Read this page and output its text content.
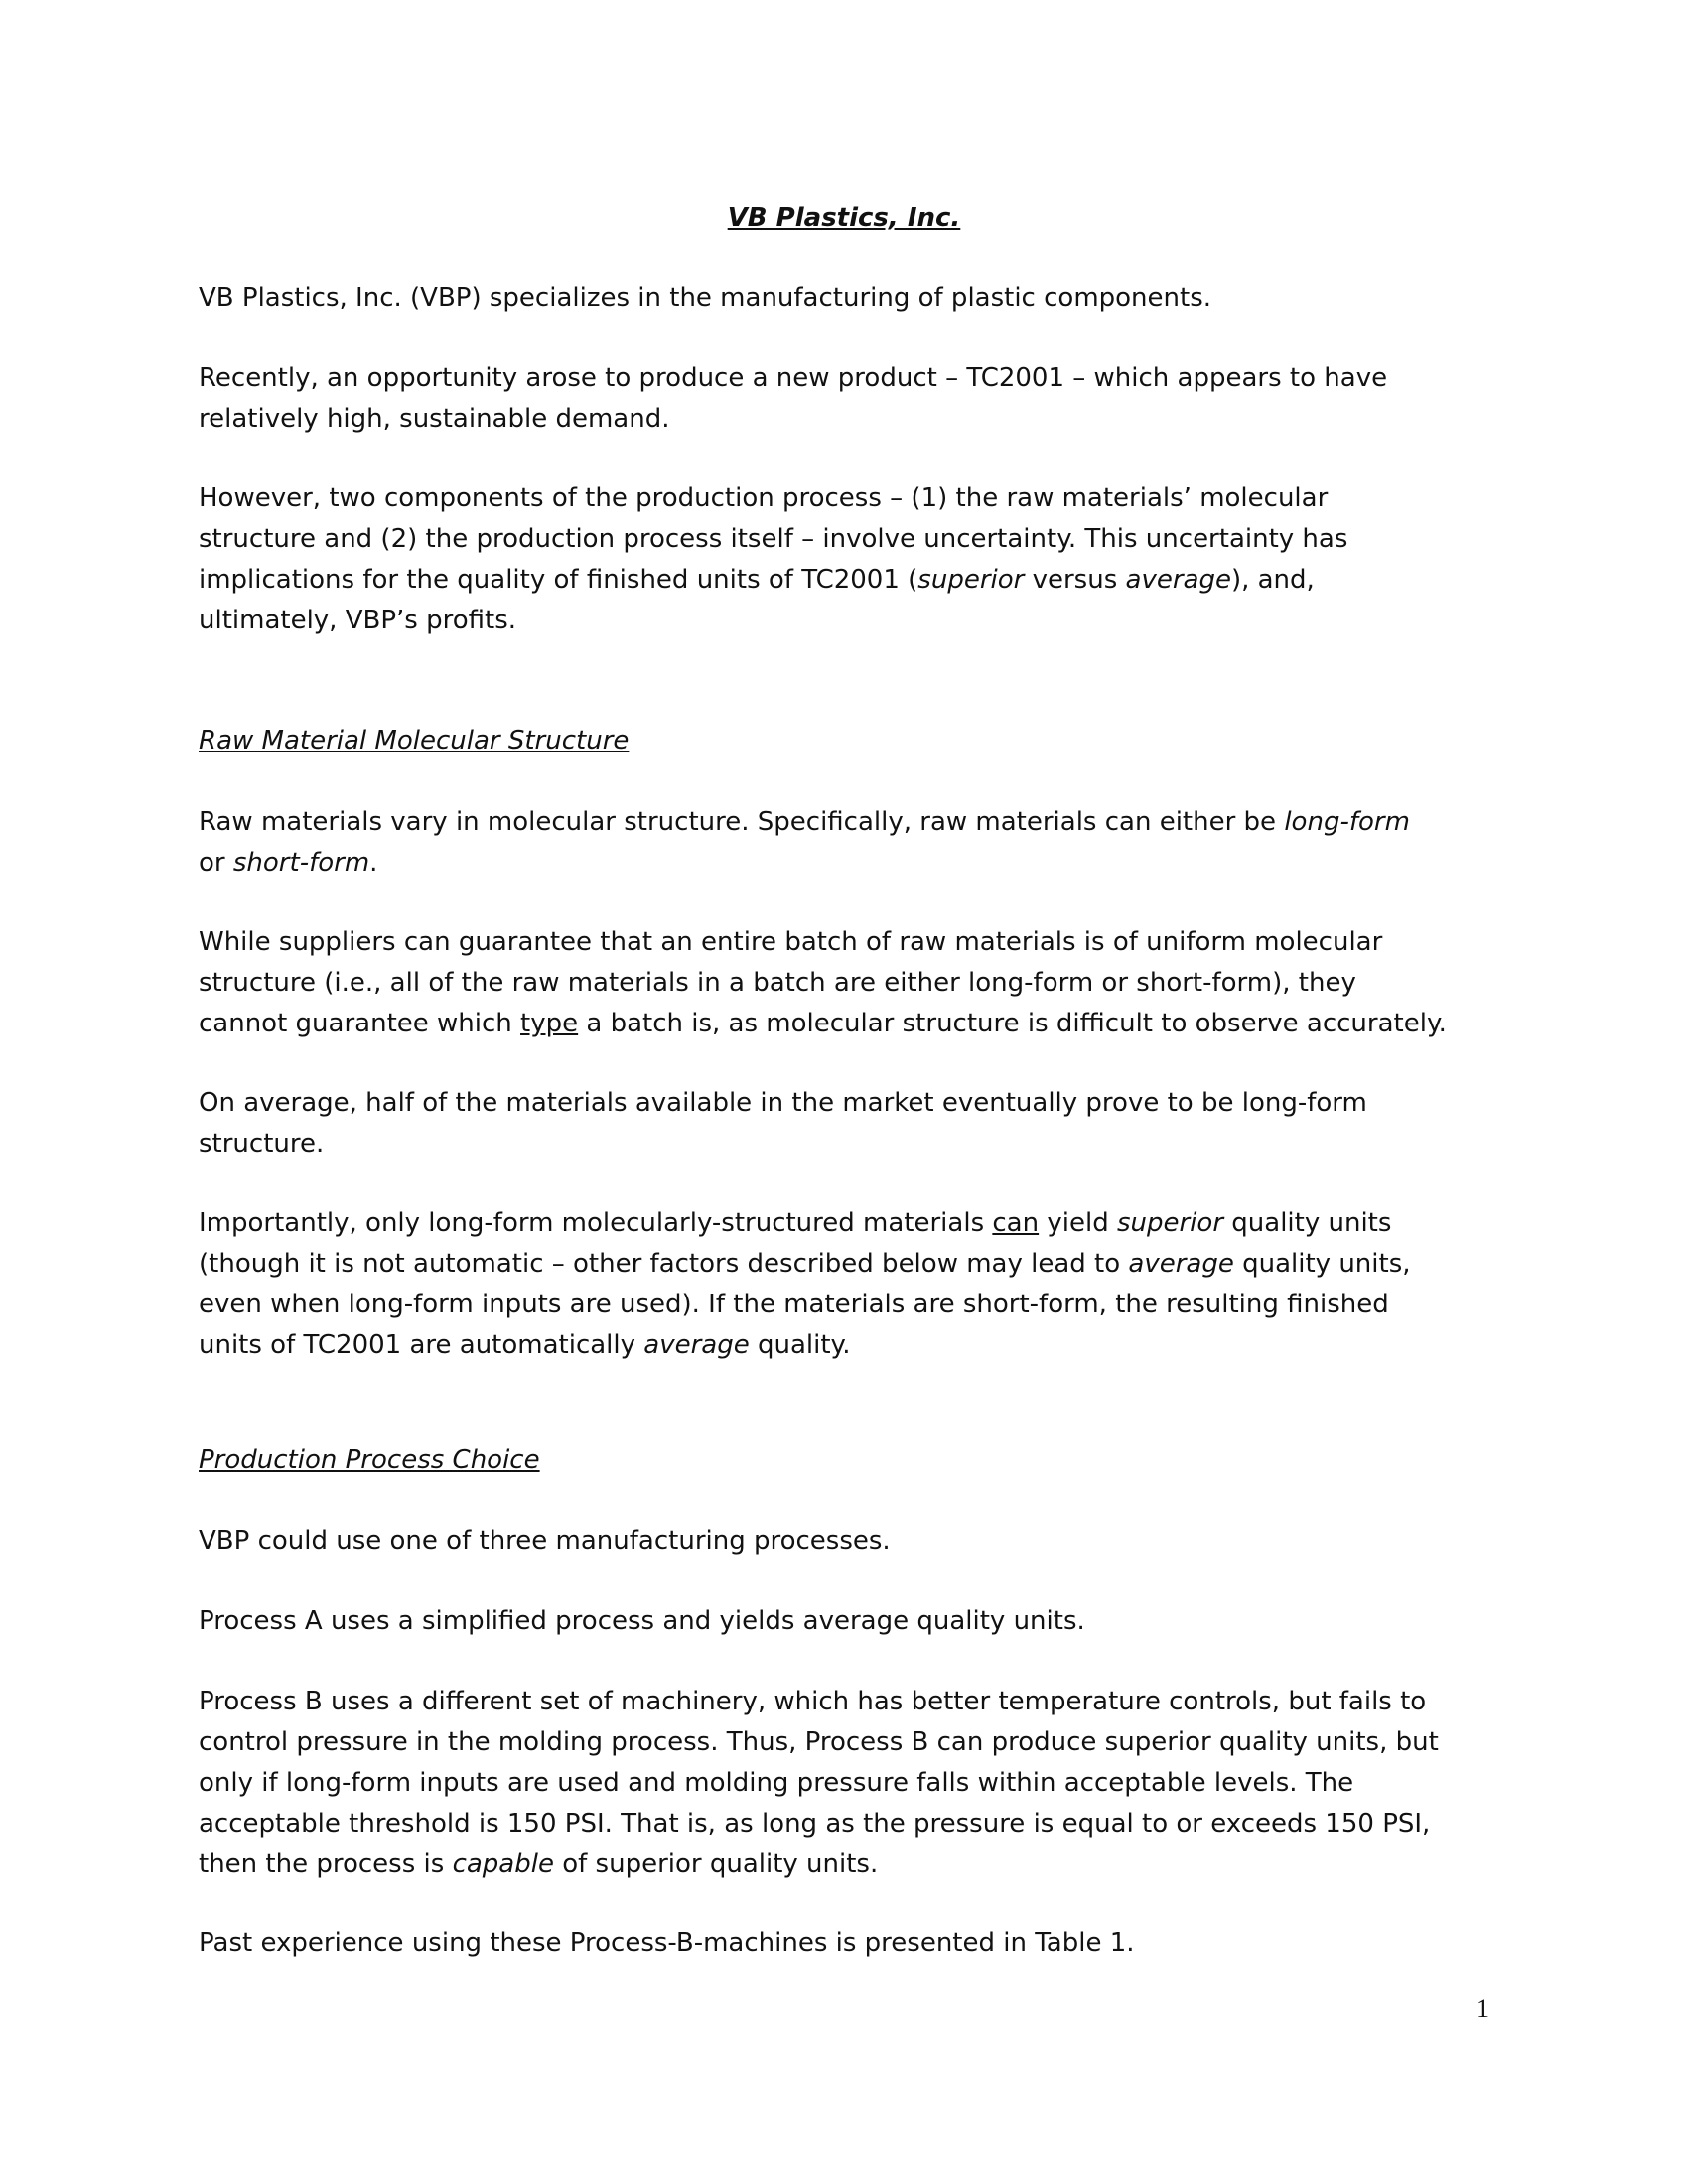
VB Plastics, Inc.
VB Plastics, Inc. (VBP) specializes in the manufacturing of plastic components.
Recently, an opportunity arose to produce a new product – TC2001 – which appears to have
relatively high, sustainable demand.
However, two components of the production process – (1) the raw materials’ molecular
structure and (2) the production process itself – involve uncertainty. This uncertainty has
implications for the quality of finished units of TC2001 (superior versus average), and,
ultimately, VBP’s profits.
Raw Material Molecular Structure
Raw materials vary in molecular structure. Specifically, raw materials can either be long-form
or short-form.
While suppliers can guarantee that an entire batch of raw materials is of uniform molecular
structure (i.e., all of the raw materials in a batch are either long-form or short-form), they
cannot guarantee which type a batch is, as molecular structure is difficult to observe accurately.
On average, half of the materials available in the market eventually prove to be long-form
structure.
Importantly, only long-form molecularly-structured materials can yield superior quality units
(though it is not automatic – other factors described below may lead to average quality units,
even when long-form inputs are used). If the materials are short-form, the resulting finished
units of TC2001 are automatically average quality.
Production Process Choice
VBP could use one of three manufacturing processes.
Process A uses a simplified process and yields average quality units.
Process B uses a different set of machinery, which has better temperature controls, but fails to
control pressure in the molding process. Thus, Process B can produce superior quality units, but
only if long-form inputs are used and molding pressure falls within acceptable levels. The
acceptable threshold is 150 PSI. That is, as long as the pressure is equal to or exceeds 150 PSI,
then the process is capable of superior quality units.
Past experience using these Process-B-machines is presented in Table 1.
1
